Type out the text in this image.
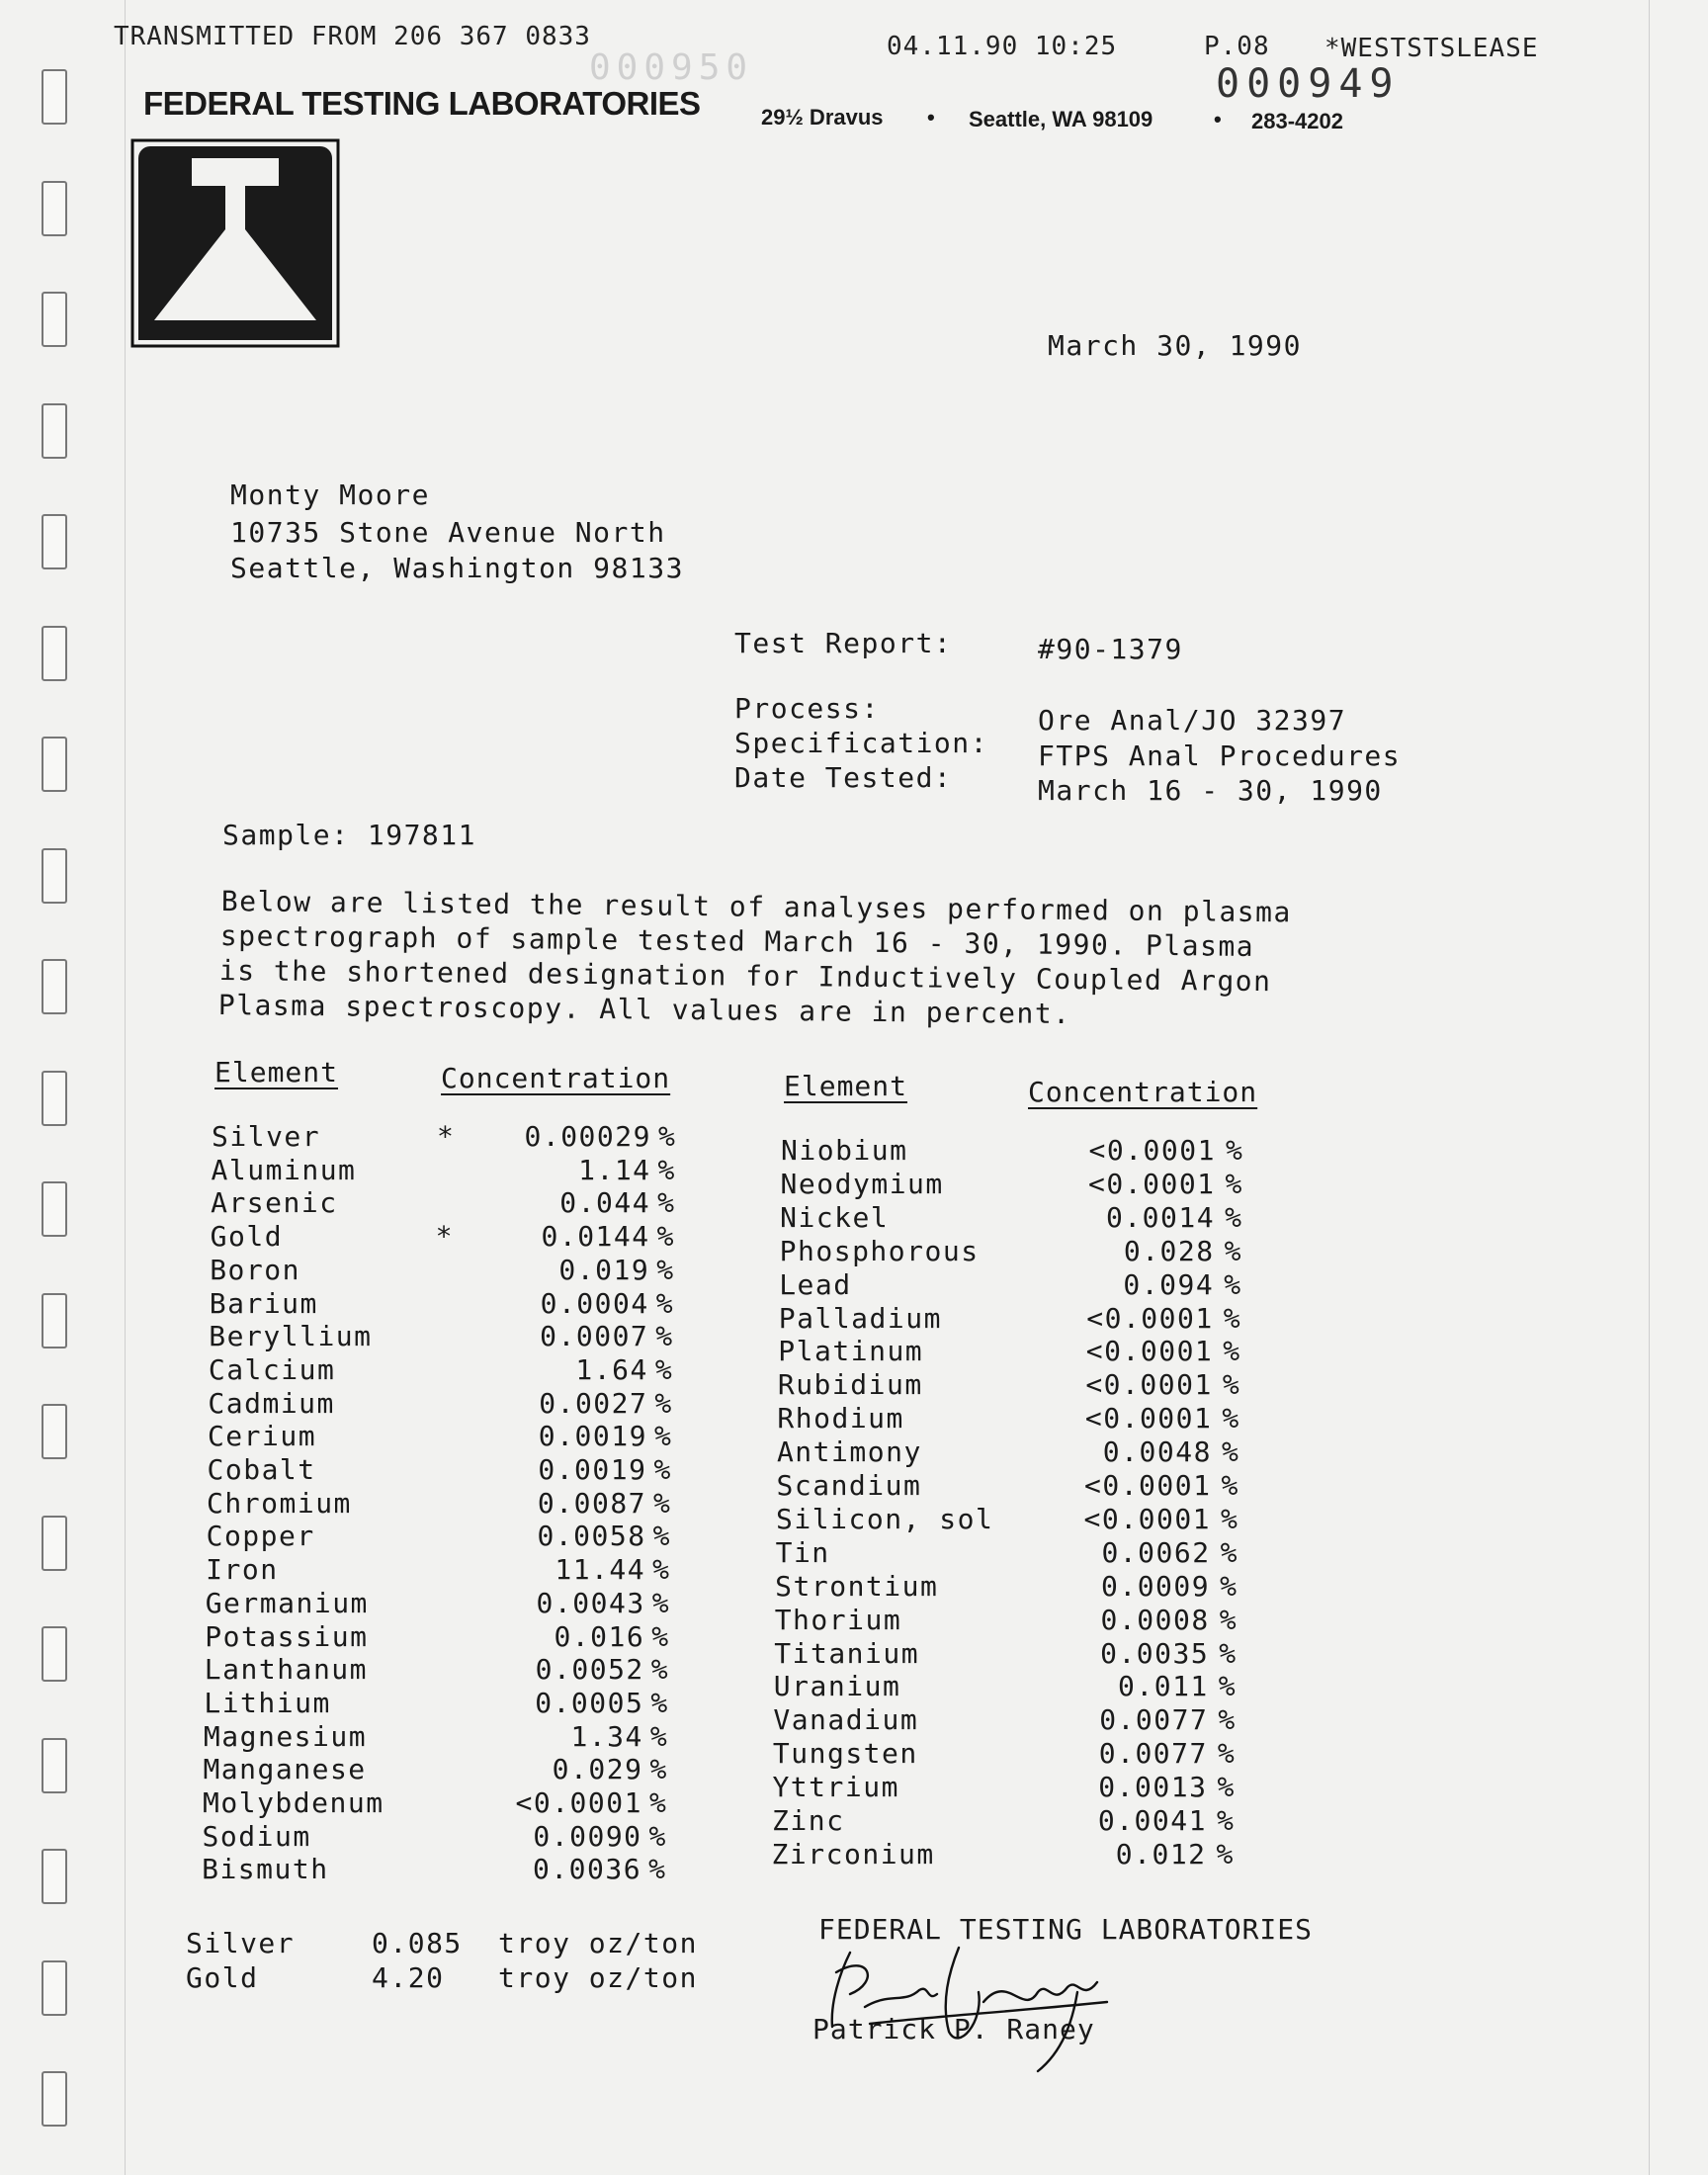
TRANSMITTED FROM 206 367 0833	04.11.90 10:25	P.08 *WESTSTSLEASE
000950	000949
FEDERAL TESTING LABORATORIES	29½ Dravus • Seattle, WA 98109	• 283-4202
March 30, 1990
Monty Moore
10735 Stone Avenue North
Seattle, Washington 98133
Test Report:	#90-1379
Process:	Ore Anal/JO 32397
Specification: FTPS Anal Procedures
Date Tested:	March 16 - 30, 1990
Sample: 197811
Below are listed the result of analyses performed on plasma
spectrograph of sample tested March 16 - 30, 1990. Plasma
is the shortened designation for Inductively Coupled Argon
Plasma spectroscopy. All values are in percent.
Element	Concentration	Element	Concentration
Silver	*	0.00029 %
Aluminum	1.14 %
Arsenic	0.044 %
Gold	*	0.0144 %
Boron	0.019 %
Barium	0.0004 %
Beryllium	0.0007 %
Calcium	1.64 %
Cadmium	0.0027 %
Cerium	0.0019 %
Cobalt	0.0019 %
Chromium	0.0087 %
Copper	0.0058 %
Iron	11.44 %
Germanium	0.0043 %
Potassium	0.016 %
Lanthanum	0.0052 %
Lithium	0.0005 %
Magnesium	1.34 %
Manganese	0.029 %
Molybdenum	<0.0001 %
Sodium	0.0090 %
Bismuth	0.0036 %
Niobium	<0.0001 %
Neodymium	<0.0001 %
Nickel	0.0014 %
Phosphorous	0.028 %
Lead	0.094 %
Palladium	<0.0001 %
Platinum	<0.0001 %
Rubidium	<0.0001 %
Rhodium	<0.0001 %
Antimony	0.0048 %
Scandium	<0.0001 %
Silicon, sol	<0.0001 %
Tin	0.0062 %
Strontium	0.0009 %
Thorium	0.0008 %
Titanium	0.0035 %
Uranium	0.011 %
Vanadium	0.0077 %
Tungsten	0.0077 %
Yttrium	0.0013 %
Zinc	0.0041 %
Zirconium	0.012 %
Silver	0.085 troy oz/ton
Gold	4.20 troy oz/ton
FEDERAL TESTING LABORATORIES
Patrick P. Raney
